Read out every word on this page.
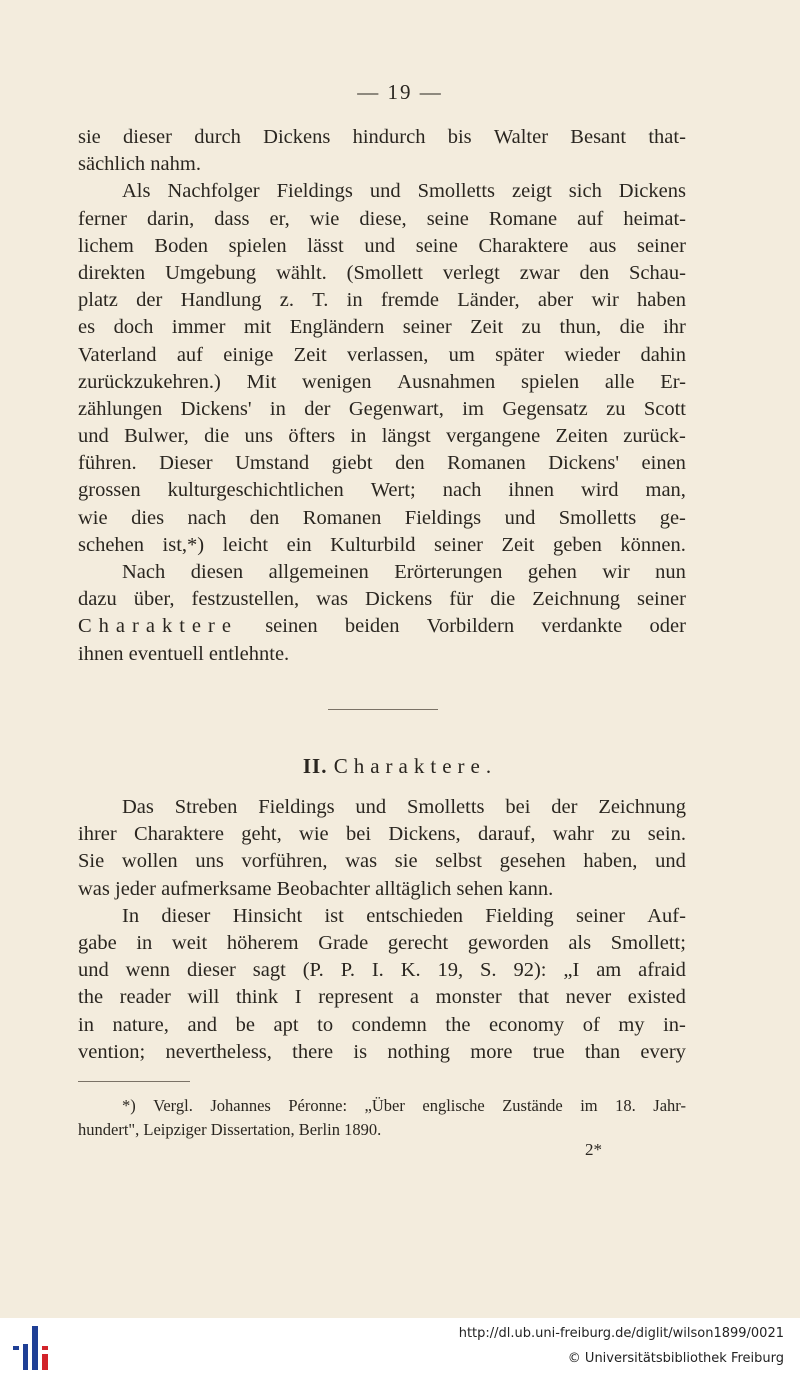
— 19 —
sie dieser durch Dickens hindurch bis Walter Besant that-
sächlich nahm.
Als Nachfolger Fieldings und Smolletts zeigt sich Dickens
ferner darin, dass er, wie diese, seine Romane auf heimat-
lichem Boden spielen lässt und seine Charaktere aus seiner
direkten Umgebung wählt. (Smollett verlegt zwar den Schau-
platz der Handlung z. T. in fremde Länder, aber wir haben
es doch immer mit Engländern seiner Zeit zu thun, die ihr
Vaterland auf einige Zeit verlassen, um später wieder dahin
zurückzukehren.) Mit wenigen Ausnahmen spielen alle Er-
zählungen Dickens' in der Gegenwart, im Gegensatz zu Scott
und Bulwer, die uns öfters in längst vergangene Zeiten zurück-
führen. Dieser Umstand giebt den Romanen Dickens' einen
grossen kulturgeschichtlichen Wert; nach ihnen wird man,
wie dies nach den Romanen Fieldings und Smolletts ge-
schehen ist,*) leicht ein Kulturbild seiner Zeit geben können.
Nach diesen allgemeinen Erörterungen gehen wir nun
dazu über, festzustellen, was Dickens für die Zeichnung seiner
Charaktere seinen beiden Vorbildern verdankte oder
ihnen eventuell entlehnte.
II. Charaktere.
Das Streben Fieldings und Smolletts bei der Zeichnung
ihrer Charaktere geht, wie bei Dickens, darauf, wahr zu sein.
Sie wollen uns vorführen, was sie selbst gesehen haben, und
was jeder aufmerksame Beobachter alltäglich sehen kann.
In dieser Hinsicht ist entschieden Fielding seiner Auf-
gabe in weit höherem Grade gerecht geworden als Smollett;
und wenn dieser sagt (P. P. I. K. 19, S. 92): „I am afraid
the reader will think I represent a monster that never existed
in nature, and be apt to condemn the economy of my in-
vention; nevertheless, there is nothing more true than every
*) Vergl. Johannes Péronne: „Über englische Zustände im 18. Jahr-
hundert", Leipziger Dissertation, Berlin 1890.
2*
http://dl.ub.uni-freiburg.de/diglit/wilson1899/0021
© Universitätsbibliothek Freiburg
